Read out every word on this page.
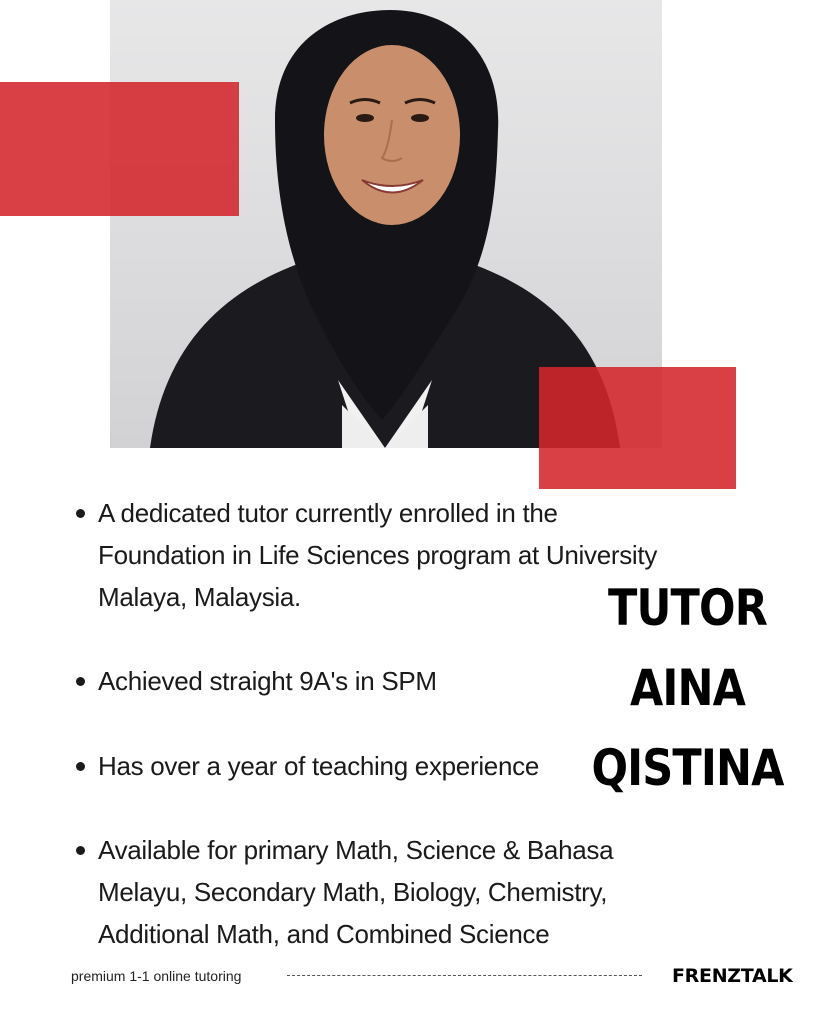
A dedicated tutor currently enrolled in the Foundation in Life Sciences program at University Malaya, Malaysia.
Achieved straight 9A's in SPM
Has over a year of teaching experience
Available for primary Math, Science & Bahasa Melayu, Secondary Math, Biology, Chemistry, Additional Math, and Combined Science
TUTOR
AINA
QISTINA
premium 1-1 online tutoring	FRENZTALK
